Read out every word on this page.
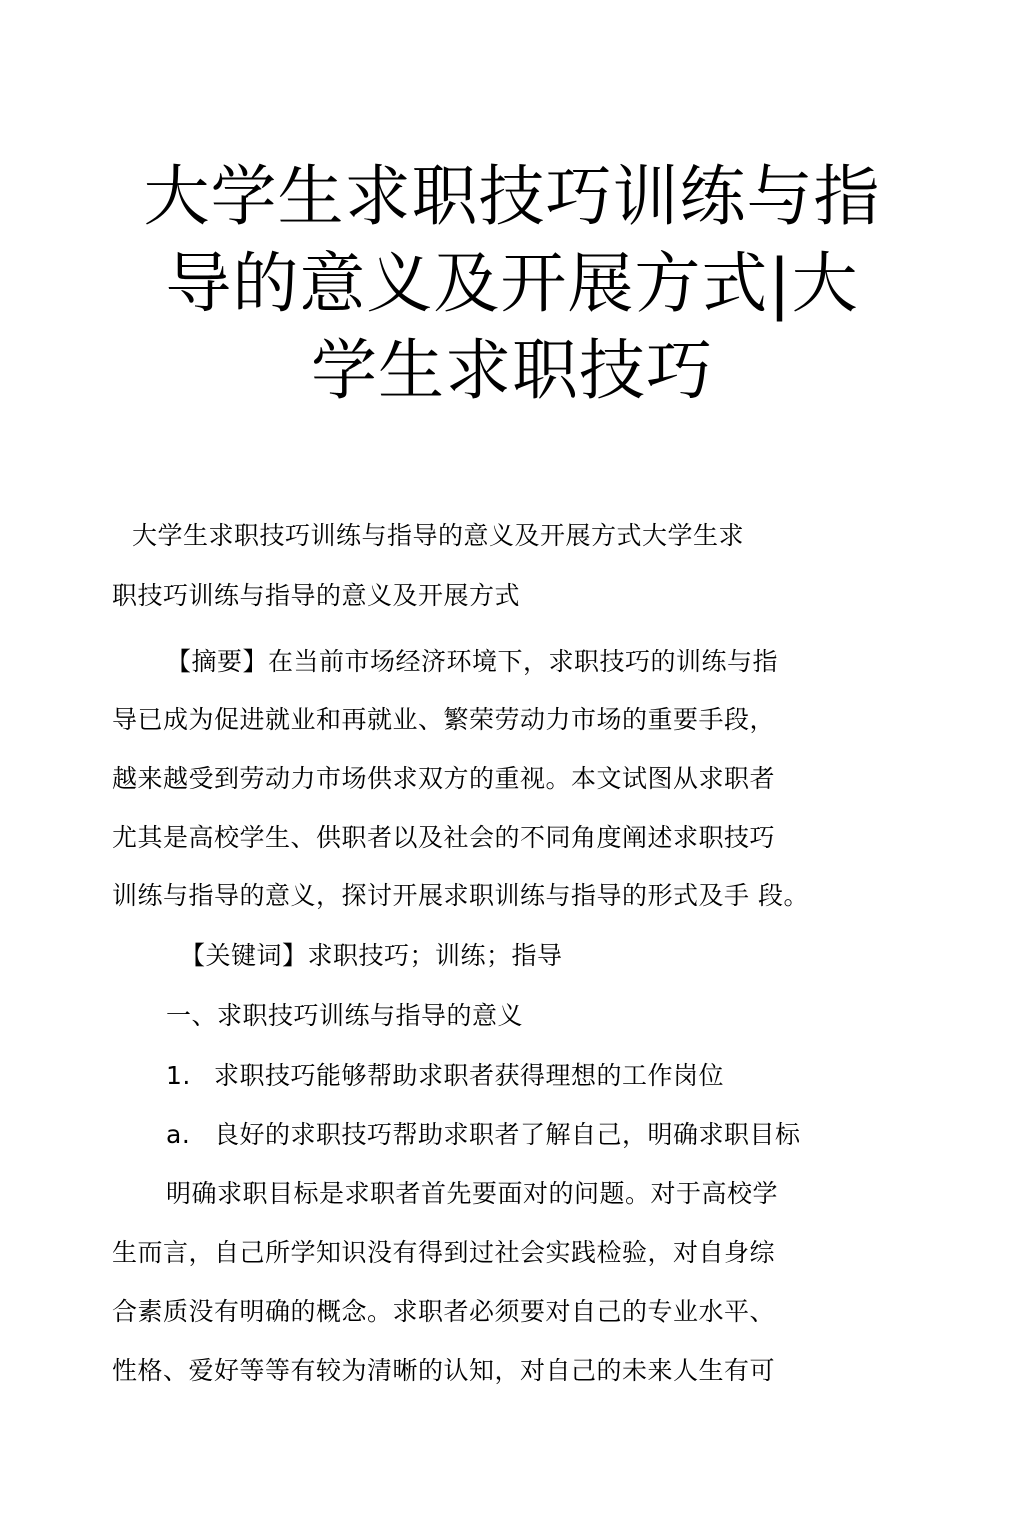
大学生求职技巧训练与指
导的意义及开展方式|大
学生求职技巧
大学生求职技巧训练与指导的意义及开展方式大学生求
职技巧训练与指导的意义及开展方式
【摘要】在当前市场经济环境下，求职技巧的训练与指
导已成为促进就业和再就业、繁荣劳动力市场的重要手段，
越来越受到劳动力市场供求双方的重视。本文试图从求职者
尤其是高校学生、供职者以及社会的不同角度阐述求职技巧
训练与指导的意义，探讨开展求职训练与指导的形式及手 段。
【关键词】求职技巧；训练；指导
一、求职技巧训练与指导的意义
1. 求职技巧能够帮助求职者获得理想的工作岗位
a. 良好的求职技巧帮助求职者了解自己，明确求职目标
明确求职目标是求职者首先要面对的问题。对于高校学
生而言，自己所学知识没有得到过社会实践检验，对自身综
合素质没有明确的概念。求职者必须要对自己的专业水平、
性格、爱好等等有较为清晰的认知，对自己的未来人生有可
